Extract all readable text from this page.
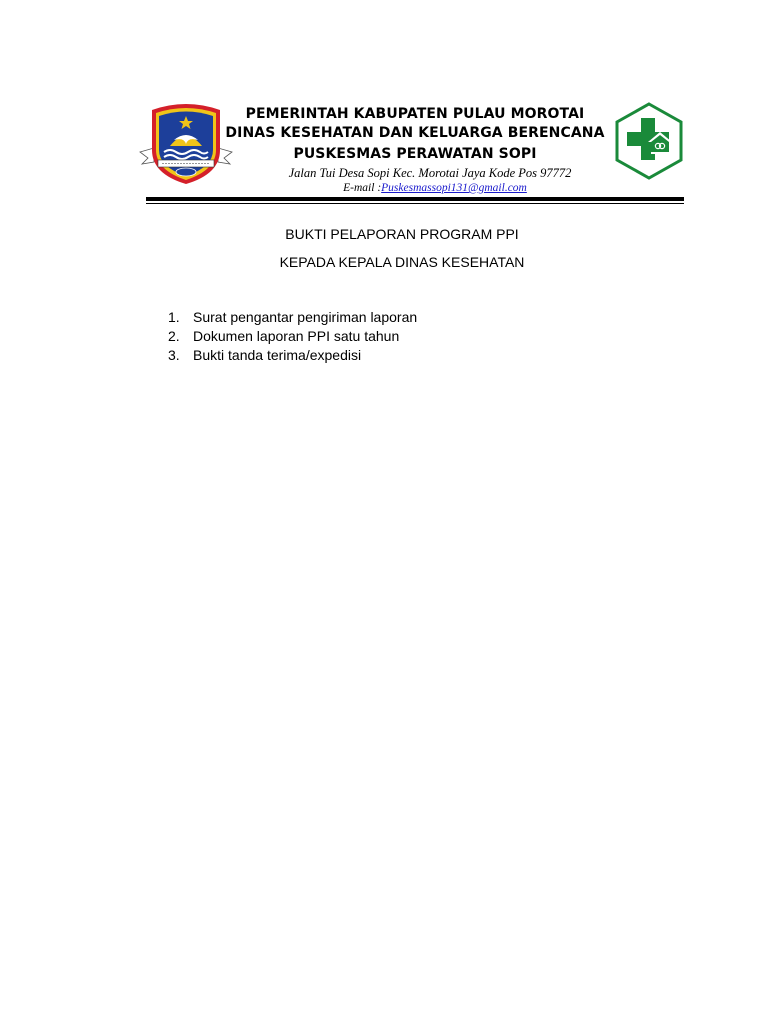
PEMERINTAH KABUPATEN PULAU MOROTAI
DINAS KESEHATAN DAN KELUARGA BERENCANA
PUSKESMAS PERAWATAN SOPI
Jalan Tui Desa Sopi Kec. Morotai Jaya Kode Pos 97772
E-mail :Puskesmassopi131@gmail.com
BUKTI PELAPORAN PROGRAM PPI
KEPADA KEPALA DINAS KESEHATAN
1. Surat pengantar pengiriman laporan
2. Dokumen laporan PPI satu tahun
3. Bukti tanda terima/expedisi
